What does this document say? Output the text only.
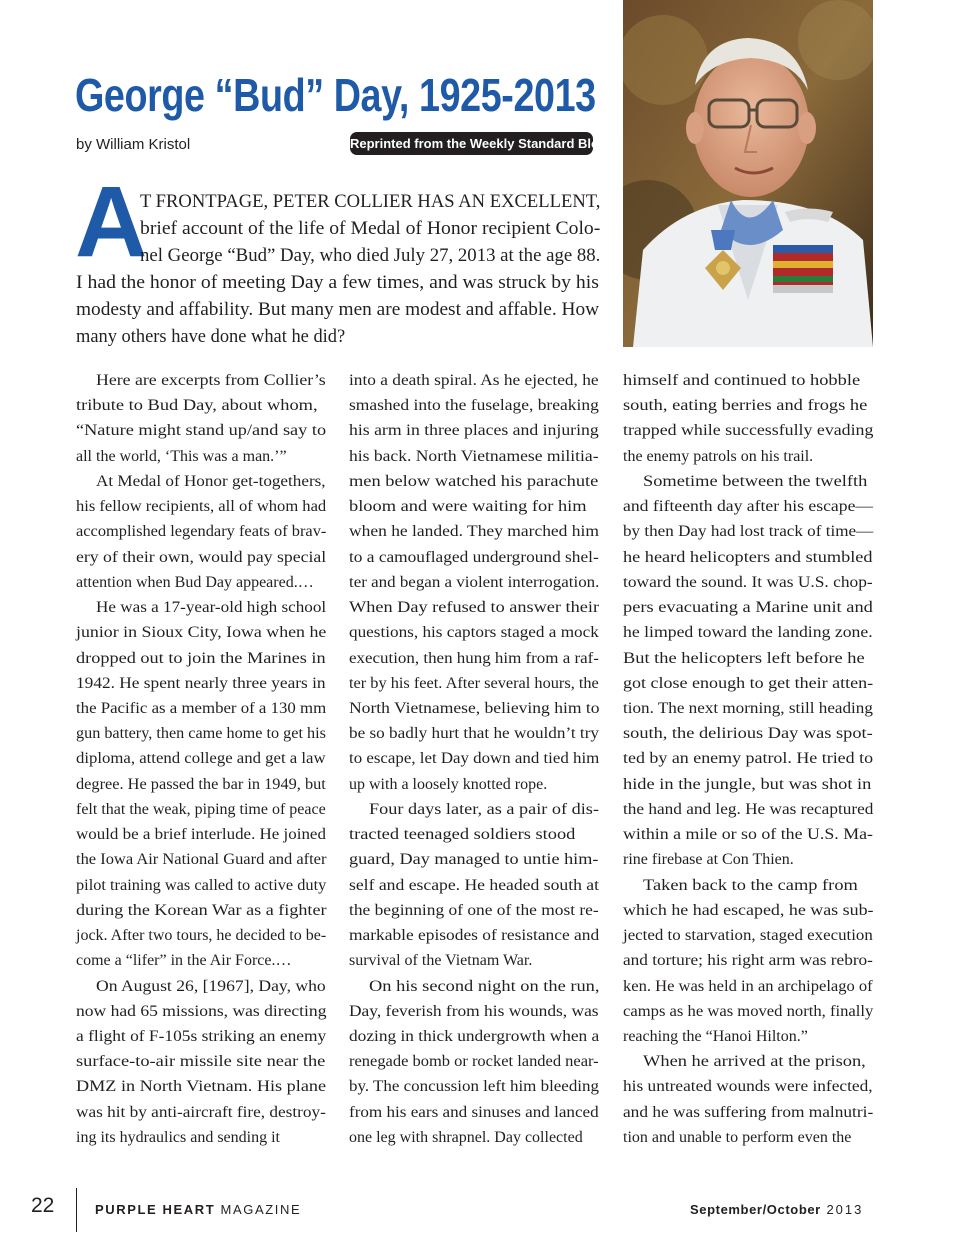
George “Bud” Day, 1925-2013
by William Kristol	Reprinted from the Weekly Standard Blog
A
T FRONTPAGE, PETER COLLIER HAS AN EXCELLENT,
brief account of the life of Medal of Honor recipient Colo-
nel George “Bud” Day, who died July 27, 2013 at the age 88.
I had the honor of meeting Day a few times, and was struck by his
modesty and affability. But many men are modest and affable. How
many others have done what he did?
Here are excerpts from Collier’s
tribute to Bud Day, about whom,
“Nature might stand up/and say to
all the world, ‘This was a man.’”
At Medal of Honor get-togethers,
his fellow recipients, all of whom had
accomplished legendary feats of brav-
ery of their own, would pay special
attention when Bud Day appeared.…
He was a 17-year-old high school
junior in Sioux City, Iowa when he
dropped out to join the Marines in
1942. He spent nearly three years in
the Pacific as a member of a 130 mm
gun battery, then came home to get his
diploma, attend college and get a law
degree. He passed the bar in 1949, but
felt that the weak, piping time of peace
would be a brief interlude. He joined
the Iowa Air National Guard and after
pilot training was called to active duty
during the Korean War as a fighter
jock. After two tours, he decided to be-
come a “lifer” in the Air Force.…
On August 26, [1967], Day, who
now had 65 missions, was directing
a flight of F-105s striking an enemy
surface-to-air missile site near the
DMZ in North Vietnam. His plane
was hit by anti-aircraft fire, destroy-
ing its hydraulics and sending it
into a death spiral. As he ejected, he
smashed into the fuselage, breaking
his arm in three places and injuring
his back. North Vietnamese militia-
men below watched his parachute
bloom and were waiting for him
when he landed. They marched him
to a camouflaged underground shel-
ter and began a violent interrogation.
When Day refused to answer their
questions, his captors staged a mock
execution, then hung him from a raf-
ter by his feet. After several hours, the
North Vietnamese, believing him to
be so badly hurt that he wouldn’t try
to escape, let Day down and tied him
up with a loosely knotted rope.
Four days later, as a pair of dis-
tracted teenaged soldiers stood
guard, Day managed to untie him-
self and escape. He headed south at
the beginning of one of the most re-
markable episodes of resistance and
survival of the Vietnam War.
On his second night on the run,
Day, feverish from his wounds, was
dozing in thick undergrowth when a
renegade bomb or rocket landed near-
by. The concussion left him bleeding
from his ears and sinuses and lanced
one leg with shrapnel. Day collected
himself and continued to hobble
south, eating berries and frogs he
trapped while successfully evading
the enemy patrols on his trail.
Sometime between the twelfth
and fifteenth day after his escape—
by then Day had lost track of time—
he heard helicopters and stumbled
toward the sound. It was U.S. chop-
pers evacuating a Marine unit and
he limped toward the landing zone.
But the helicopters left before he
got close enough to get their atten-
tion. The next morning, still heading
south, the delirious Day was spot-
ted by an enemy patrol. He tried to
hide in the jungle, but was shot in
the hand and leg. He was recaptured
within a mile or so of the U.S. Ma-
rine firebase at Con Thien.
Taken back to the camp from
which he had escaped, he was sub-
jected to starvation, staged execution
and torture; his right arm was rebro-
ken. He was held in an archipelago of
camps as he was moved north, finally
reaching the “Hanoi Hilton.”
When he arrived at the prison,
his untreated wounds were infected,
and he was suffering from malnutri-
tion and unable to perform even the
22	PURPLE HEART MAGAZINE	September/October 2013
